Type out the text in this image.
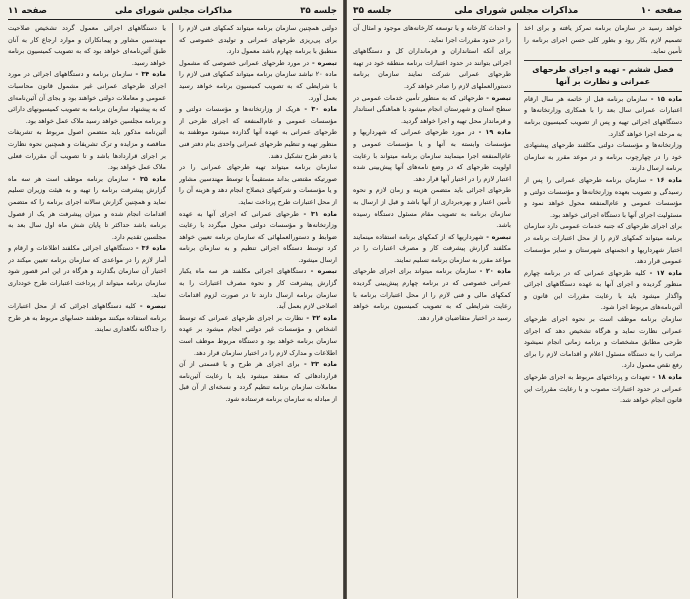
جلسه ۳۵
مذاکرات مجلس شورای ملی
صفحه ۱۱

دولتی همچنین سازمان برنامه میتواند کمکهای فنی لازم را برای پی‌ریزی طرحهای عمرانی و تولیدی خصوصی که منطبق با برنامه چهارم باشد معمول دارد.

تبصره - در مورد طرحهای عمرانی خصوصی که مشمول ماده ۲۰ نباشد سازمان برنامه میتواند کمکهای فنی لازم را با شرایطی که به تصویب کمیسیون برنامه خواهد رسید بعمل آورد.

ماده ۳۰ - هریک از وزارتخانه‌ها و مؤسسات دولتی و مؤسسات عمومی و عام‌المنفعه که اجرای طرحی از طرحهای عمرانی به عهده آنها گذارده میشود موظفند به منظور تهیه و تنظیم طرحهای عمرانی واحدی بنام دفتر فنی یا دفتر طرح تشکیل دهند.

سازمان برنامه میتواند تهیه طرحهای عمرانی را در صورتیکه مقتضی بداند مستقیماً یا توسط مهندسین مشاور و یا مؤسسات و شرکتهای ذیصلاح انجام دهد و هزینه آن را از محل اعتبارات طرح پرداخت نماید.

ماده ۳۱ - طرحهای عمرانی که اجرای آنها به عهده وزارتخانه‌ها و مؤسسات دولتی محول میگردد با رعایت ضوابط و دستورالعملهائی که سازمان برنامه تعیین خواهد کرد توسط دستگاه اجرائی تنظیم و به سازمان برنامه ارسال میشود.

تبصره - دستگاههای اجرائی مکلفند هر سه ماه یکبار گزارش پیشرفت کار و نحوه مصرف اعتبارات را به سازمان برنامه ارسال دارند تا در صورت لزوم اقدامات اصلاحی لازم بعمل آید.

ماده ۳۲ - نظارت بر اجرای طرحهای عمرانی که توسط اشخاص و مؤسسات غیر دولتی انجام میشود بر عهده سازمان برنامه خواهد بود و دستگاه مربوط موظف است اطلاعات و مدارک لازم را در اختیار سازمان قرار دهد.

ماده ۳۳ - برای اجرای هر طرح و یا قسمتی از آن قراردادهائی که منعقد میشود باید با رعایت آئین‌نامه معاملات سازمان برنامه تنظیم گردد و نسخه‌ای از آن قبل از مبادله به سازمان برنامه فرستاده شود.

یا دستگاههای اجرائی معمول گردد تشخیص صلاحیت مهندسین مشاور و پیمانکاران و موارد ارجاع کار به آنان طبق آئین‌نامه‌ای خواهد بود که به تصویب کمیسیون برنامه خواهد رسید.

ماده ۳۴ - سازمان برنامه و دستگاههای اجرائی در مورد اجرای طرحهای عمرانی غیر مشمول قانون محاسبات عمومی و معاملات دولتی خواهند بود و بجای آن آئین‌نامه‌ای که به پیشنهاد سازمان برنامه به تصویب کمیسیونهای دارائی و برنامه مجلسین خواهد رسید ملاک عمل خواهد بود.

آئین‌نامه مذکور باید متضمن اصول مربوط به تشریفات مناقصه و مزایده و ترک تشریفات و همچنین نحوه نظارت بر اجرای قراردادها باشد و تا تصویب آن مقررات فعلی ملاک عمل خواهد بود.

ماده ۳۵ - سازمان برنامه موظف است هر سه ماه گزارش پیشرفت برنامه را تهیه و به هیئت وزیران تسلیم نماید و همچنین گزارش سالانه اجرای برنامه را که متضمن اقدامات انجام شده و میزان پیشرفت هر یک از فصول برنامه باشد حداکثر تا پایان شش ماه اول سال بعد به مجلسین تقدیم دارد.

ماده ۳۶ - دستگاههای اجرائی مکلفند اطلاعات و ارقام و آمار لازم را در مواعدی که سازمان برنامه تعیین میکند در اختیار آن سازمان بگذارند و هرگاه در این امر قصور شود سازمان برنامه میتواند از پرداخت اعتبارات طرح خودداری نماید.

تبصره - کلیه دستگاههای اجرائی که از محل اعتبارات برنامه استفاده میکنند موظفند حسابهای مربوط به هر طرح را جداگانه نگاهداری نمایند.

صفحه ۱۰
مذاکرات مجلس شورای ملی
جلسه ۳۵

خواهد رسید در سازمان برنامه تمرکز یافته و برای اخذ تصمیم لازم بکار رود و بطور کلی حسن اجرای برنامه را تأمین نماید.

فصل ششم - تهیه و اجرای طرحهای عمرانی و نظارت بر آنها

ماده ۱۵ - سازمان برنامه قبل از خاتمه هر سال ارقام اعتبارات عمرانی سال بعد را با همکاری وزارتخانه‌ها و دستگاههای اجرائی تهیه و پس از تصویب کمیسیون برنامه به مرحله اجرا خواهد گذارد.

وزارتخانه‌ها و مؤسسات دولتی مکلفند طرحهای پیشنهادی خود را در چهارچوب برنامه و در موعد مقرر به سازمان برنامه ارسال دارند.

ماده ۱۶ - سازمان برنامه طرحهای عمرانی را پس از رسیدگی و تصویب بعهده وزارتخانه‌ها و مؤسسات دولتی و مؤسسات عمومی و عام‌المنفعه محول خواهد نمود و مسئولیت اجرای آنها با دستگاه اجرائی خواهد بود.

برای اجرای طرحهای که جنبه خدمات عمومی دارد سازمان برنامه میتواند کمکهای لازم را از محل اعتبارات برنامه در اختیار شهرداریها و انجمنهای شهرستان و سایر مؤسسات عمومی قرار دهد.

ماده ۱۷ - کلیه طرحهای عمرانی که در برنامه چهارم منظور گردیده و اجرای آنها به عهده دستگاههای اجرائی واگذار میشود باید با رعایت مقررات این قانون و آئین‌نامه‌های مربوط اجرا شود.

سازمان برنامه موظف است بر نحوه اجرای طرحهای عمرانی نظارت نماید و هرگاه تشخیص دهد که اجرای طرحی مطابق مشخصات و برنامه زمانی انجام نمیشود مراتب را به دستگاه مسئول اعلام و اقدامات لازم را برای رفع نقص معمول دارد.

ماده ۱۸ - تعهدات و پرداختهای مربوط به اجرای طرحهای عمرانی در حدود اعتبارات مصوب و با رعایت مقررات این قانون انجام خواهد شد.

و احداث کارخانه و یا توسعه کارخانه‌های موجود و امثال آن را در حدود مقررات اجرا نماید.

برای آنکه استانداران و فرمانداران کل و دستگاههای اجرائی بتوانند در حدود اعتبارات برنامه منطقه خود در تهیه طرحهای عمرانی شرکت نمایند سازمان برنامه دستورالعملهای لازم را صادر خواهد کرد.

تبصره - طرحهائی که به منظور تأمین خدمات عمومی در سطح استان و شهرستان انجام میشود با هماهنگی استاندار و فرماندار محل تهیه و اجرا خواهد گردید.

ماده ۱۹ - در مورد طرحهای عمرانی که شهرداریها و مؤسسات وابسته به آنها و یا مؤسسات عمومی و عام‌المنفعه اجرا مینمایند سازمان برنامه میتواند با رعایت اولویت طرحهای که در وضع نامه‌های آنها پیش‌بینی شده اعتبار لازم را در اختیار آنها قرار دهد.

طرحهای اجرائی باید متضمن هزینه و زمان لازم و نحوه تأمین اعتبار و بهره‌برداری از آنها باشد و قبل از ارسال به سازمان برنامه به تصویب مقام مسئول دستگاه رسیده باشد.

تبصره - شهرداریها که از کمکهای برنامه استفاده مینمایند مکلفند گزارش پیشرفت کار و مصرف اعتبارات را در مواعد مقرر به سازمان برنامه تسلیم نمایند.

ماده ۲۰ - سازمان برنامه میتواند برای اجرای طرحهای عمرانی خصوصی که در برنامه چهارم پیش‌بینی گردیده کمکهای مالی و فنی لازم را از محل اعتبارات برنامه با رعایت شرایطی که به تصویب کمیسیون برنامه خواهد رسید در اختیار متقاضیان قرار دهد.
